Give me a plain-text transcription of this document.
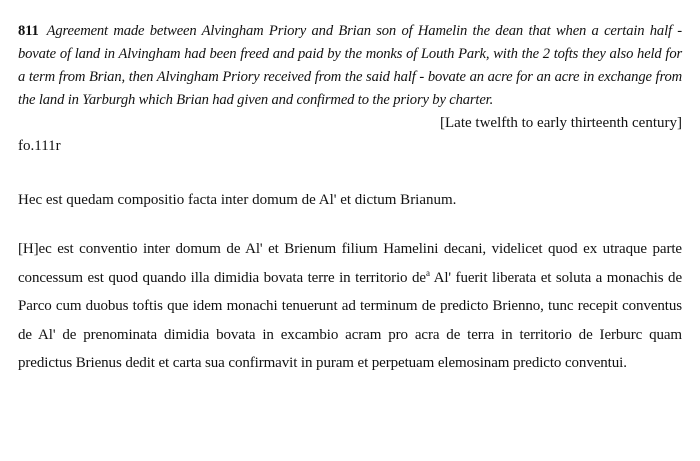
811 Agreement made between Alvingham Priory and Brian son of Hamelin the dean that when a certain half - bovate of land in Alvingham had been freed and paid by the monks of Louth Park, with the 2 tofts they also held for a term from Brian, then Alvingham Priory received from the said half - bovate an acre for an acre in exchange from the land in Yarburgh which Brian had given and confirmed to the priory by charter.

[Late twelfth to early thirteenth century]

fo.111r

Hec est quedam compositio facta inter domum de Al' et dictum Brianum.

[H]ec est conventio inter domum de Al' et Brienum filium Hamelini decani, videlicet quod ex utraque parte concessum est quod quando illa dimidia bovata terre in territorio $de^a$ Al' fuerit liberata et soluta a monachis de Parco cum duobus toftis que idem monachi tenuerunt ad terminum de predicto Brienno, tunc recepit conventus de Al' de prenominata dimidia bovata in excambio acram pro acra de terra in territorio de Ierburc quam predictus Brienus dedit et carta sua confirmavit in puram et perpetuam elemosinam predicto conventui.
